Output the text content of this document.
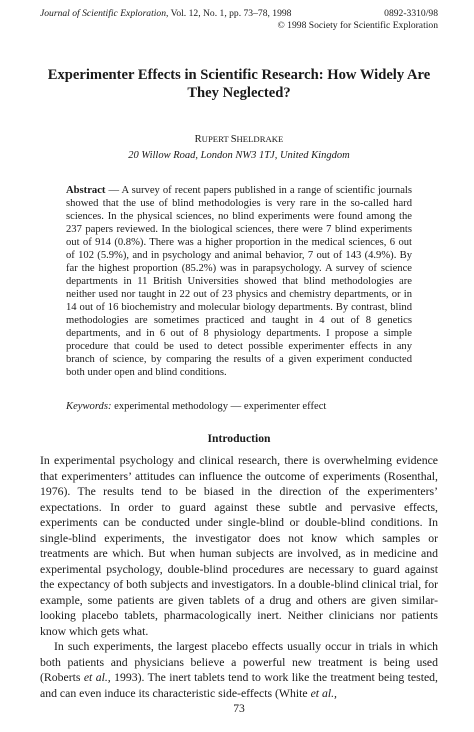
Journal of Scientific Exploration, Vol. 12, No. 1, pp. 73–78, 1998	0892-3310/98
© 1998 Society for Scientific Exploration
Experimenter Effects in Scientific Research: How Widely Are They Neglected?
RUPERT SHELDRAKE
20 Willow Road, London NW3 1TJ, United Kingdom
Abstract — A survey of recent papers published in a range of scientific journals showed that the use of blind methodologies is very rare in the so-called hard sciences. In the physical sciences, no blind experiments were found among the 237 papers reviewed. In the biological sciences, there were 7 blind experiments out of 914 (0.8%). There was a higher proportion in the medical sciences, 6 out of 102 (5.9%), and in psychology and animal behavior, 7 out of 143 (4.9%). By far the highest proportion (85.2%) was in parapsychology. A survey of science departments in 11 British Universities showed that blind methodologies are neither used nor taught in 22 out of 23 physics and chemistry departments, or in 14 out of 16 biochemistry and molecular biology departments. By contrast, blind methodologies are sometimes practiced and taught in 4 out of 8 genetics departments, and in 6 out of 8 physiology departments. I propose a simple procedure that could be used to detect possible experimenter effects in any branch of science, by comparing the results of a given experiment conducted both under open and blind conditions.
Keywords: experimental methodology — experimenter effect
Introduction

In experimental psychology and clinical research, there is overwhelming evidence that experimenters’ attitudes can influence the outcome of experiments (Rosenthal, 1976). The results tend to be biased in the direction of the experimenters’ expectations. In order to guard against these subtle and pervasive effects, experiments can be conducted under single-blind or double-blind conditions. In single-blind experiments, the investigator does not know which samples or treatments are which. But when human subjects are involved, as in medicine and experimental psychology, double-blind procedures are necessary to guard against the expectancy of both subjects and investigators. In a double-blind clinical trial, for example, some patients are given tablets of a drug and others are given similar-looking placebo tablets, pharmacologically inert. Neither clinicians nor patients know which gets what.

In such experiments, the largest placebo effects usually occur in trials in which both patients and physicians believe a powerful new treatment is being used (Roberts et al., 1993). The inert tablets tend to work like the treatment being tested, and can even induce its characteristic side-effects (White et al.,

73
